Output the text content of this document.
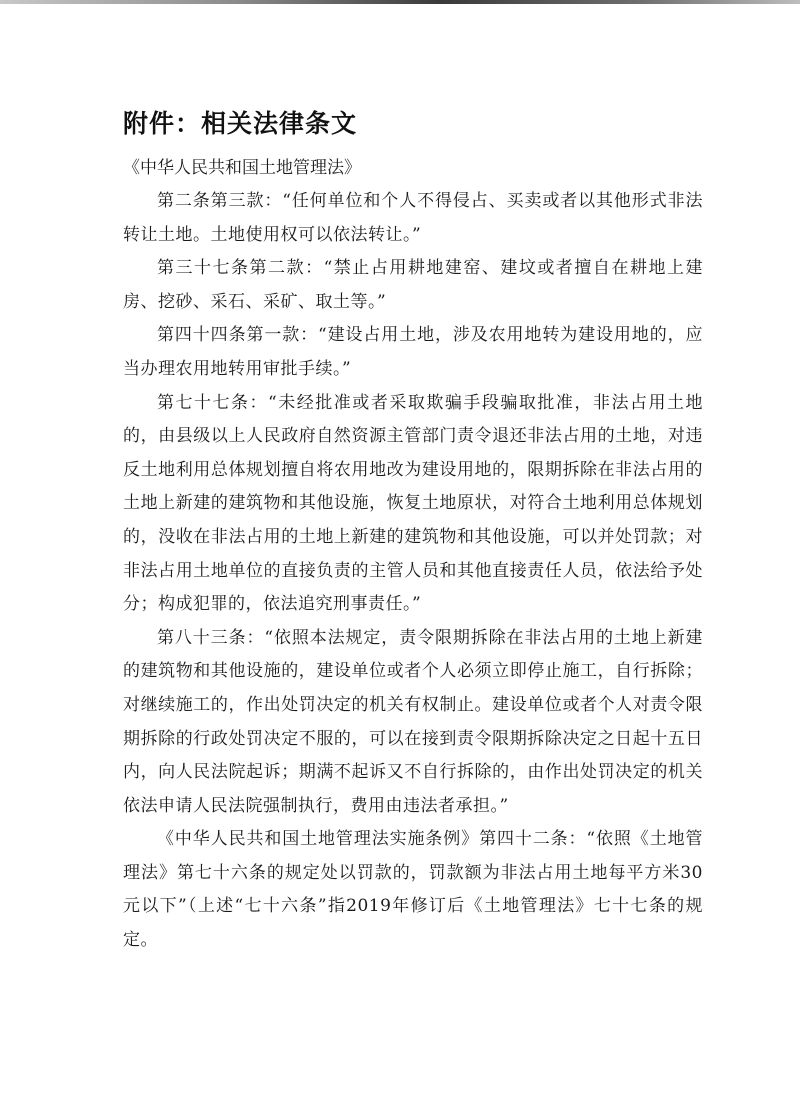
附件：相关法律条文

《中华人民共和国土地管理法》

第二条第三款：“任何单位和个人不得侵占、买卖或者以其他形式非法转让土地。土地使用权可以依法转让。”

第三十七条第二款：“禁止占用耕地建窑、建坟或者擅自在耕地上建房、挖砂、采石、采矿、取土等。”

第四十四条第一款：“建设占用土地，涉及农用地转为建设用地的，应当办理农用地转用审批手续。”

第七十七条：“未经批准或者采取欺骗手段骗取批准，非法占用土地的，由县级以上人民政府自然资源主管部门责令退还非法占用的土地，对违反土地利用总体规划擅自将农用地改为建设用地的，限期拆除在非法占用的土地上新建的建筑物和其他设施，恢复土地原状，对符合土地利用总体规划的，没收在非法占用的土地上新建的建筑物和其他设施，可以并处罚款；对非法占用土地单位的直接负责的主管人员和其他直接责任人员，依法给予处分；构成犯罪的，依法追究刑事责任。”

第八十三条：“依照本法规定，责令限期拆除在非法占用的土地上新建的建筑物和其他设施的，建设单位或者个人必须立即停止施工，自行拆除；对继续施工的，作出处罚决定的机关有权制止。建设单位或者个人对责令限期拆除的行政处罚决定不服的，可以在接到责令限期拆除决定之日起十五日内，向人民法院起诉；期满不起诉又不自行拆除的，由作出处罚决定的机关依法申请人民法院强制执行，费用由违法者承担。”

《中华人民共和国土地管理法实施条例》第四十二条：“依照《土地管理法》第七十六条的规定处以罚款的，罚款额为非法占用土地每平方米30元以下”（上述“七十六条”指2019年修订后《土地管理法》七十七条的规定。
